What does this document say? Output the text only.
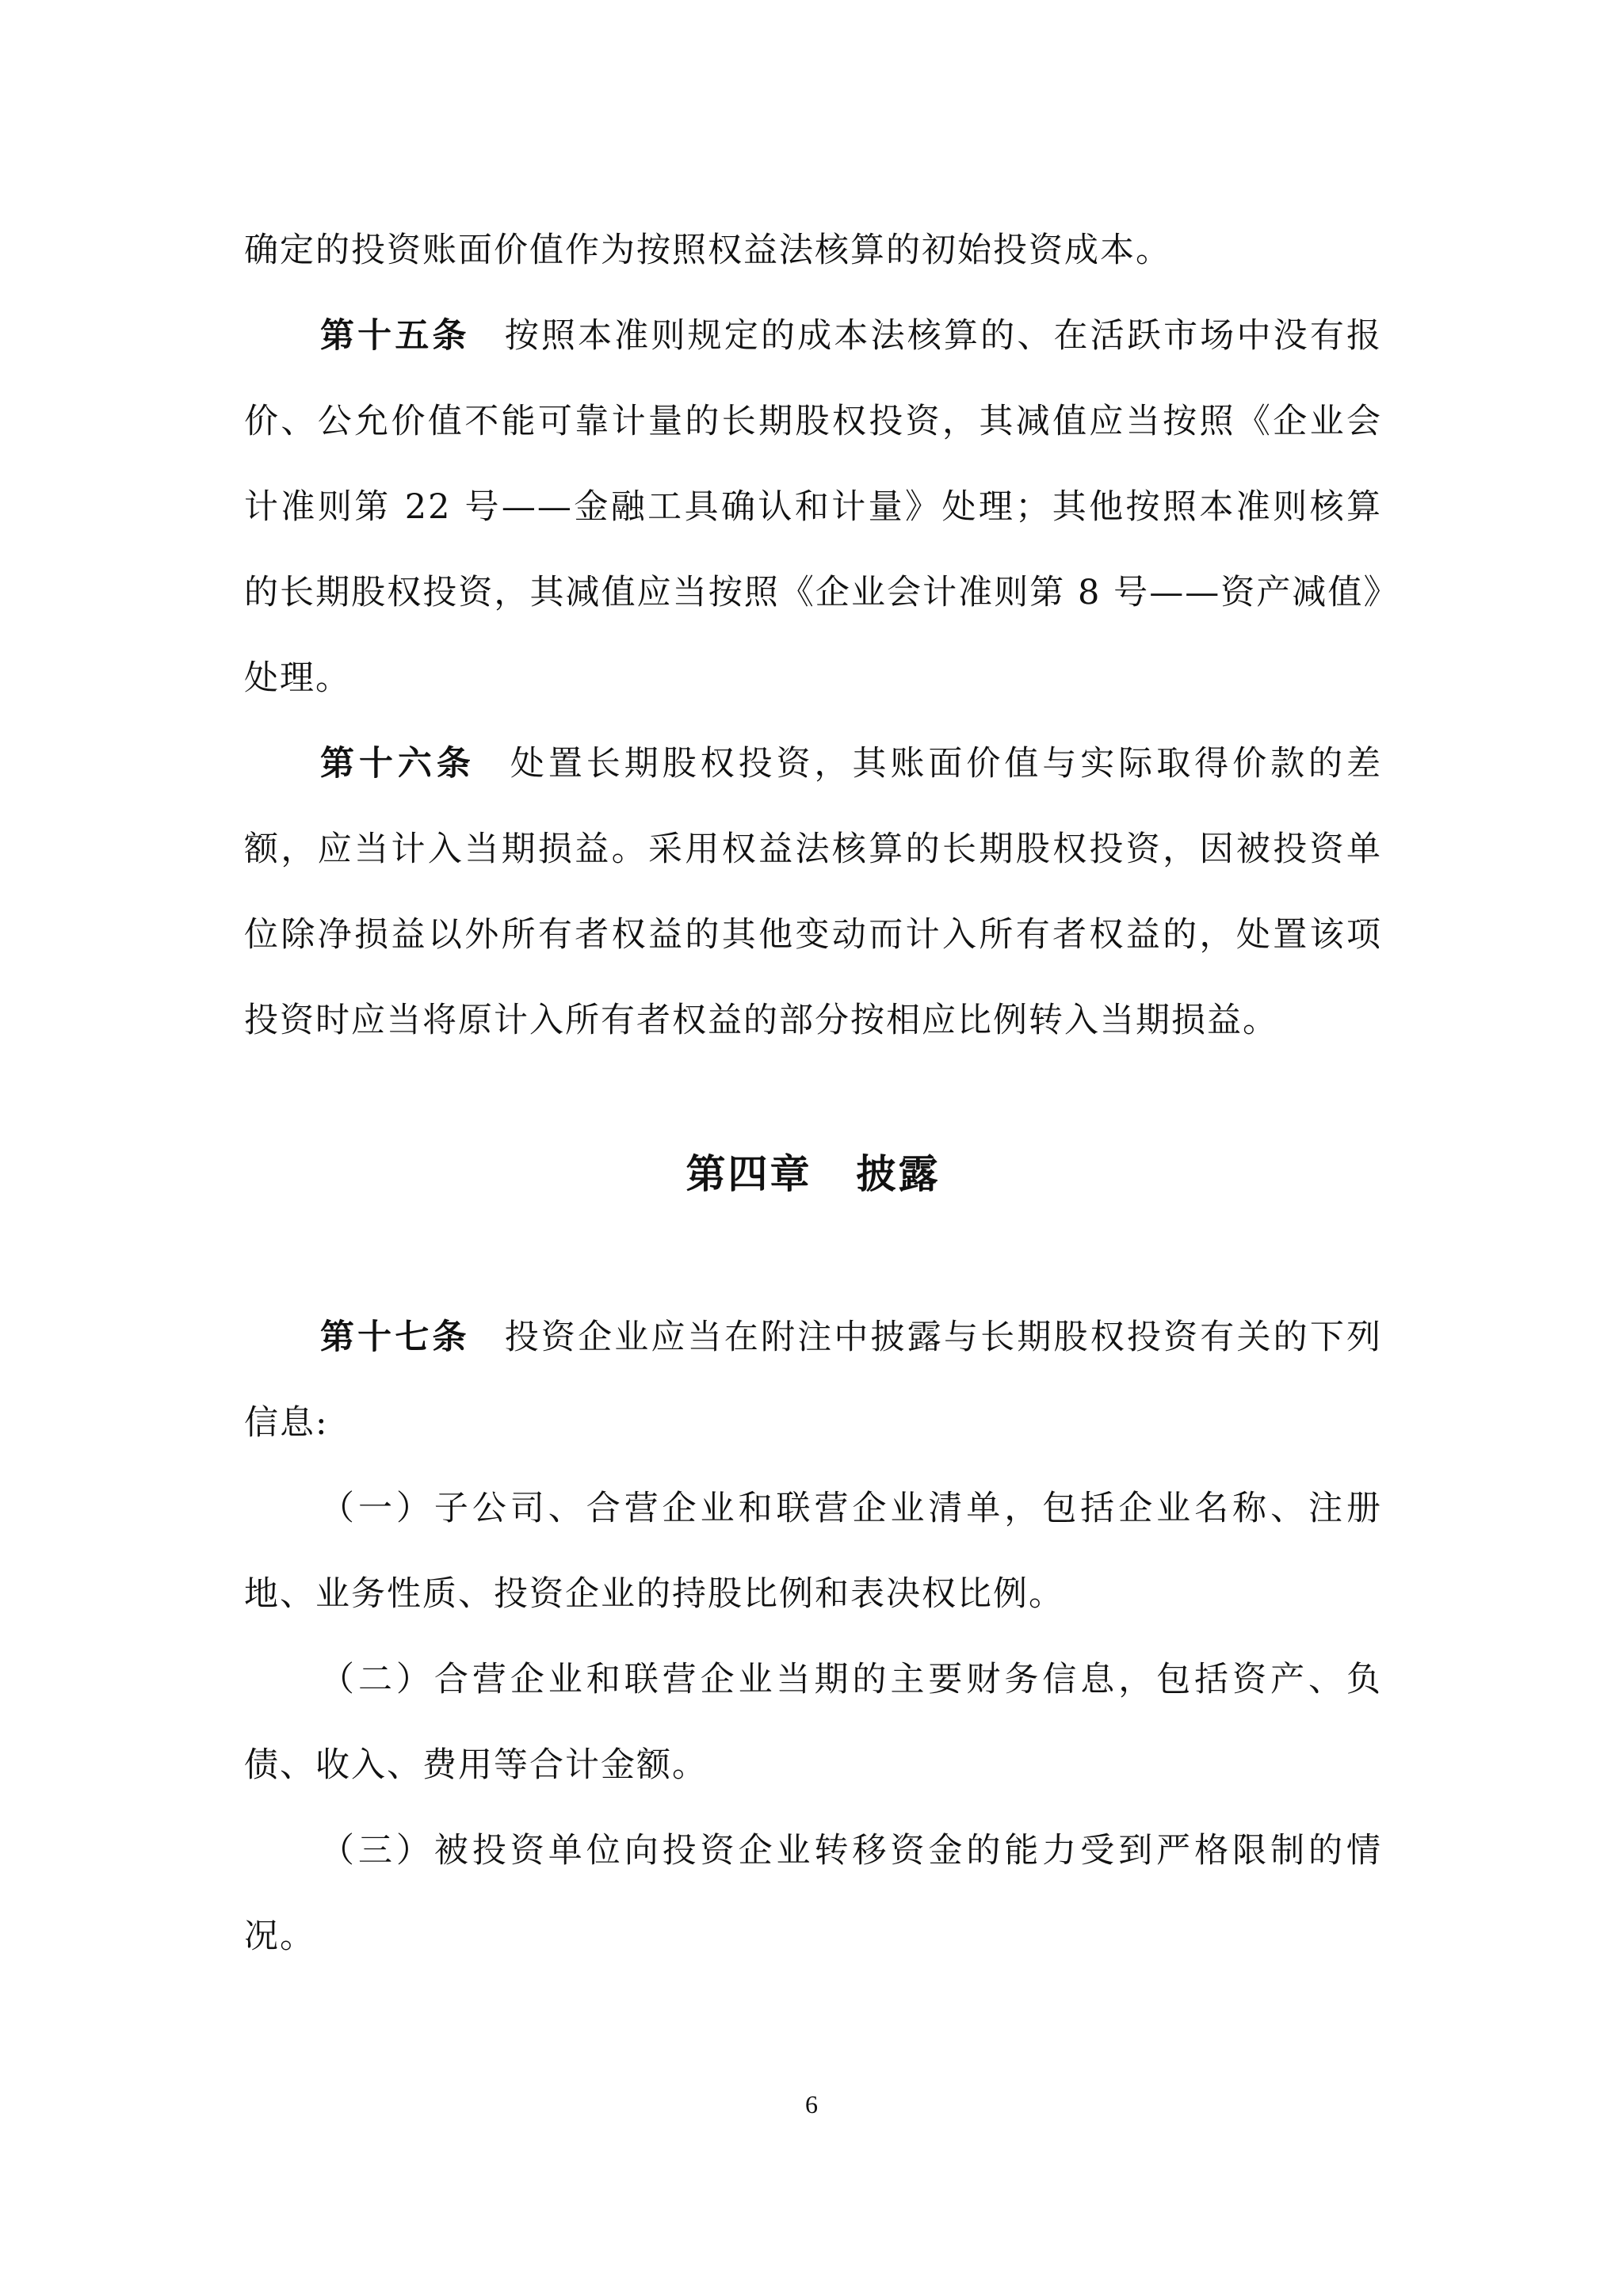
确定的投资账面价值作为按照权益法核算的初始投资成本。

第十五条 按照本准则规定的成本法核算的、在活跃市场中没有报价、公允价值不能可靠计量的长期股权投资，其减值应当按照《企业会计准则第 22 号——金融工具确认和计量》处理；其他按照本准则核算的长期股权投资，其减值应当按照《企业会计准则第 8 号——资产减值》处理。

第十六条 处置长期股权投资，其账面价值与实际取得价款的差额，应当计入当期损益。采用权益法核算的长期股权投资，因被投资单位除净损益以外所有者权益的其他变动而计入所有者权益的，处置该项投资时应当将原计入所有者权益的部分按相应比例转入当期损益。

第四章 披露

第十七条 投资企业应当在附注中披露与长期股权投资有关的下列信息:

（一）子公司、合营企业和联营企业清单，包括企业名称、注册地、业务性质、投资企业的持股比例和表决权比例。

（二）合营企业和联营企业当期的主要财务信息，包括资产、负债、收入、费用等合计金额。

（三）被投资单位向投资企业转移资金的能力受到严格限制的情况。

6
